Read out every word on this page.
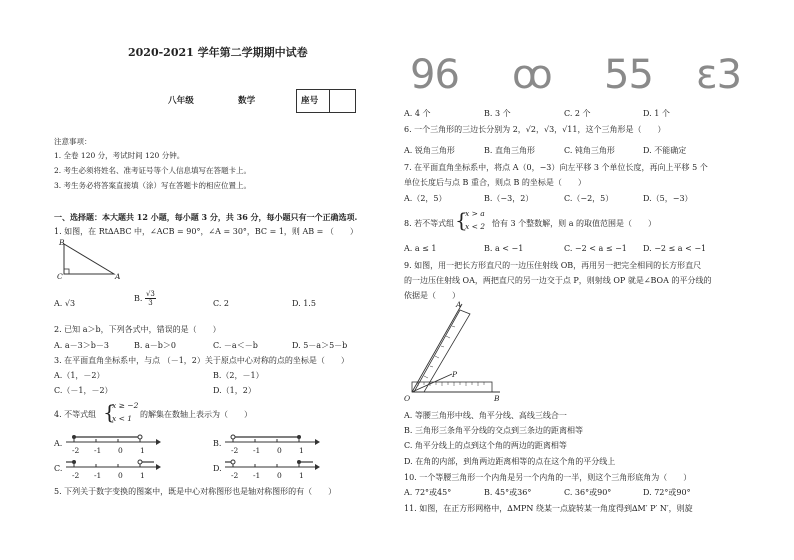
2020-2021 学年第二学期期中试卷
八年级	数学	座号
注意事项：
1. 全卷 120 分，考试时间 120 分钟。
2. 考生必须将姓名、准考证号等个人信息填写在答题卡上。
3. 考生务必将答案直接填（涂）写在答题卡的相应位置上。
一、选择题：本大题共 12 小题，每小题 3 分，共 36 分，每小题只有一个正确选项.
1. 如图，在 Rt∆ABC 中，∠ACB = 90°，∠A = 30°，BC = 1，则 AB = （　　）
B
C	A
A. √3
B. $\frac{√3}{3}$	C. 2	D. 1.5
2. 已知 a＞b，下列各式中，错误的是（　　）
A. a－3＞b－3	B. a－b＞0	C. －a＜－b	D. 5－a＞5－b
3. 在平面直角坐标系中，与点 （－1，2）关于原点中心对称的点的坐标是（　　）
A.（1，－2）	B.（2，－1）
C.（－1，－2）	D.（1，2）
4. 不等式组 {
x ≥ −2
x < 1 的解集在数轴上表示为（　　）
A.
-2 -1 0 1
B.
-2 -1 0 1
C.
-2 -1 0 1
D.
-2 -1 0 1
5. 下列关于数字变换的图案中，既是中心对称图形也是轴对称图形的有（　　）
96 ꝏ 55 ɛ3
A. 4 个	B. 3 个	C. 2 个	D. 1 个
6. 一个三角形的三边长分别为 2，√2，√3，√11，这个三角形是（　　）
A. 锐角三角形	B. 直角三角形	C. 钝角三角形	D. 不能确定
7. 在平面直角坐标系中，将点 A（0，−3）向左平移 3 个单位长度，再向上平移 5 个
单位长度后与点 B 重合，则点 B 的坐标是（　　）
A.（2，5）	B.（−3，2）	C.（−2，5）	D.（5，−3）
8. 若不等式组 {
x > a
x < 2 恰有 3 个整数解，则 a 的取值范围是（　　）
A. a ≤ 1	B. a < −1	C. −2 < a ≤ −1 D. −2 ≤ a < −1
9. 如图，用一把长方形直尺的一边压住射线 OB，再用另一把完全相同的长方形直尺
的一边压住射线 OA，两把直尺的另一边交于点 P，则射线 OP 就是∠BOA 的平分线的
依据是（　　）
A
P
O	B
A. 等腰三角形中线、角平分线、高线三线合一
B. 三角形三条角平分线的交点到三条边的距离相等
C. 角平分线上的点到这个角的两边的距离相等
D. 在角的内部，到角两边距离相等的点在这个角的平分线上
10. 一个等腰三角形一个内角是另一个内角的一半，则这个三角形底角为（　　）
A. 72°或45°	B. 45°或36°	C. 36°或90°	D. 72°或90°
11. 如图，在正方形网格中，∆MPN 绕某一点旋转某一角度得到∆M′ P′ N′，则旋
